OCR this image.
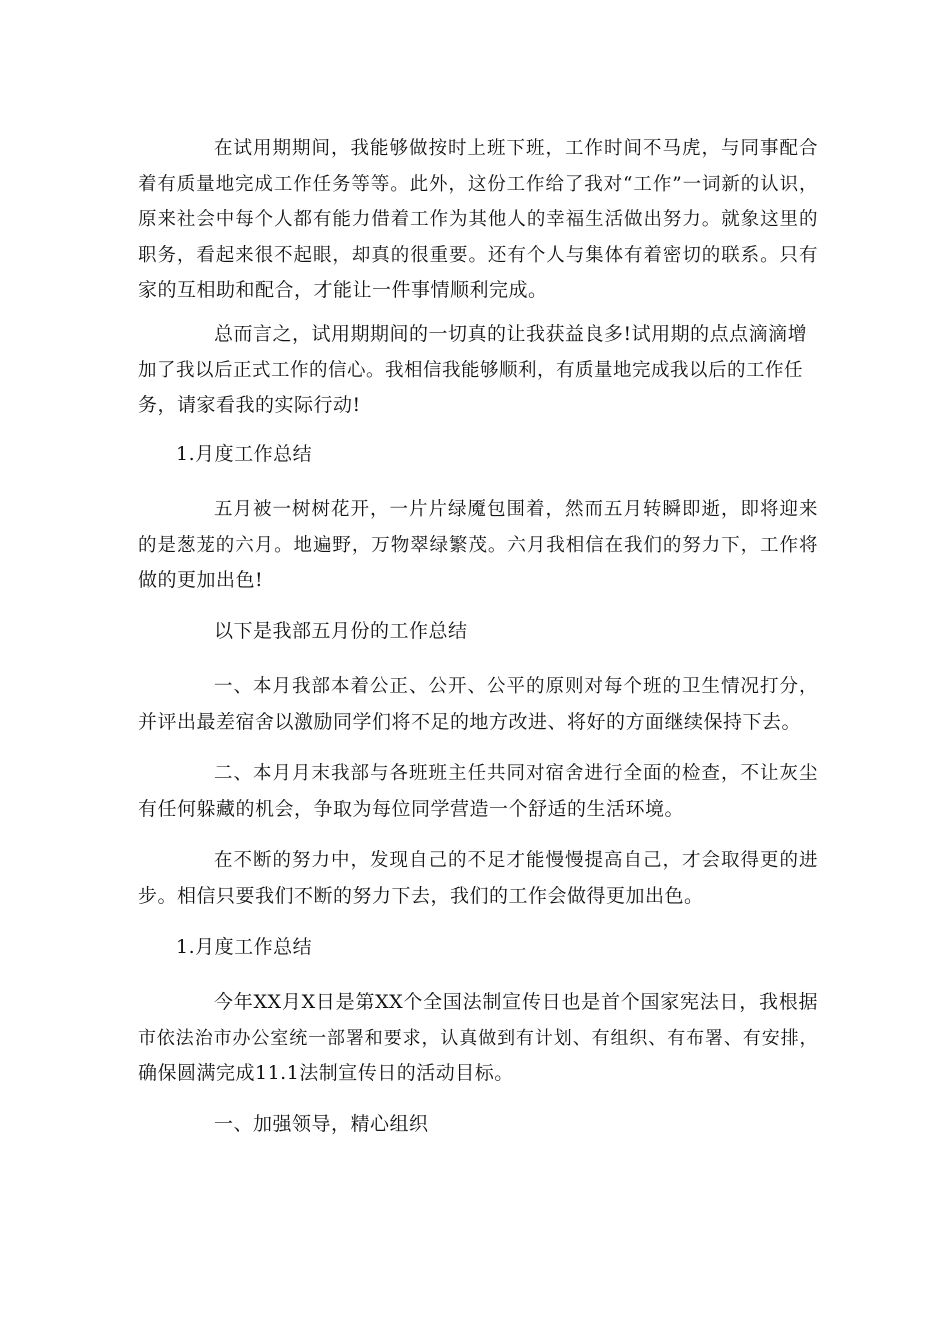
在试用期期间，我能够做按时上班下班，工作时间不马虎，与同事配合
着有质量地完成工作任务等等。此外，这份工作给了我对“工作”一词新的认识，
原来社会中每个人都有能力借着工作为其他人的幸福生活做出努力。就象这里的
职务，看起来很不起眼，却真的很重要。还有个人与集体有着密切的联系。只有
家的互相助和配合，才能让一件事情顺利完成。
总而言之，试用期期间的一切真的让我获益良多!试用期的点点滴滴增
加了我以后正式工作的信心。我相信我能够顺利，有质量地完成我以后的工作任
务，请家看我的实际行动!
1.月度工作总结
五月被一树树花开，一片片绿魇包围着，然而五月转瞬即逝，即将迎来
的是葱茏的六月。地遍野，万物翠绿繁茂。六月我相信在我们的努力下，工作将
做的更加出色!
以下是我部五月份的工作总结
一、本月我部本着公正、公开、公平的原则对每个班的卫生情况打分，
并评出最差宿舍以激励同学们将不足的地方改进、将好的方面继续保持下去。
二、本月月末我部与各班班主任共同对宿舍进行全面的检查，不让灰尘
有任何躲藏的机会，争取为每位同学营造一个舒适的生活环境。
在不断的努力中，发现自己的不足才能慢慢提高自己，才会取得更的进
步。相信只要我们不断的努力下去，我们的工作会做得更加出色。
1.月度工作总结
今年XX月X日是第XX个全国法制宣传日也是首个国家宪法日，我根据
市依法治市办公室统一部署和要求，认真做到有计划、有组织、有布署、有安排，
确保圆满完成11.1法制宣传日的活动目标。
一、加强领导，精心组织
